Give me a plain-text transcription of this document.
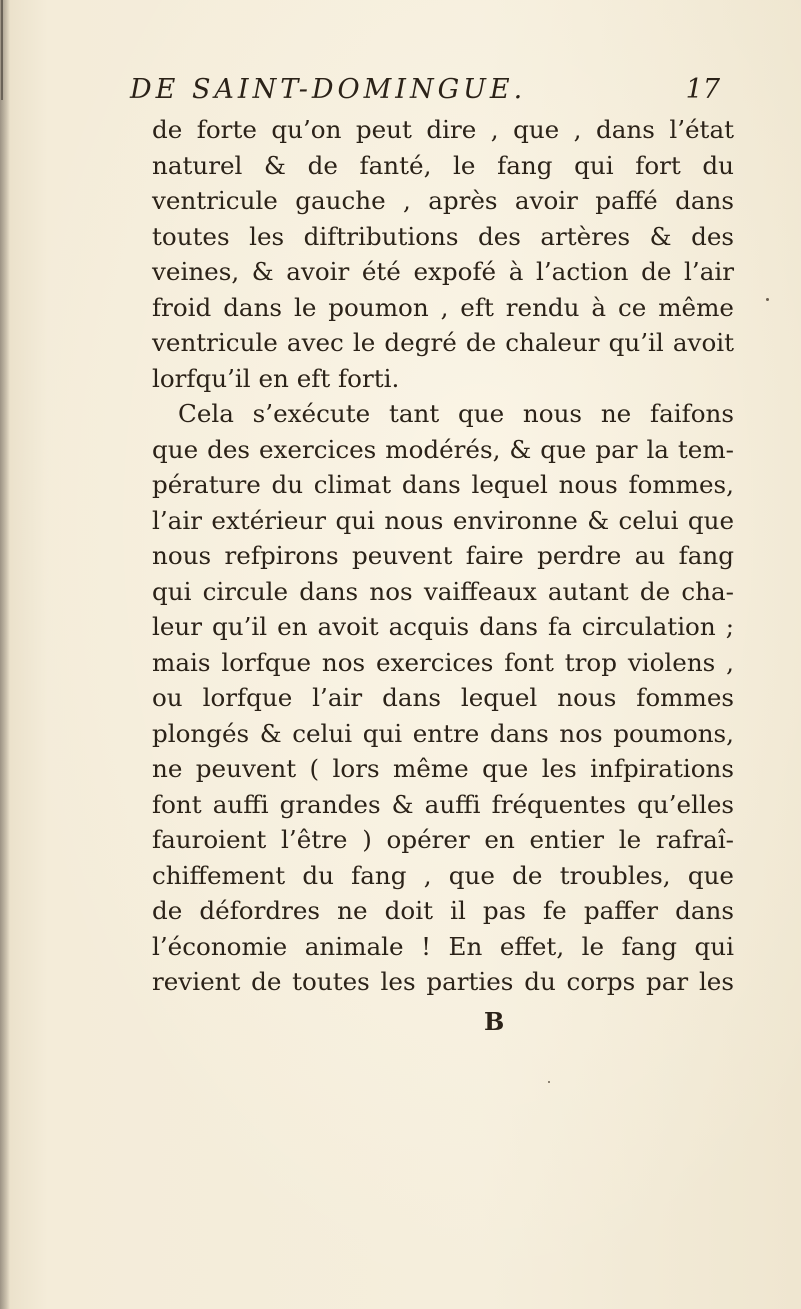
DE SAINT-DOMINGUE.	17
de forte qu’on peut dire , que , dans l’état
naturel & de fanté, le fang qui fort du
ventricule gauche , après avoir paffé dans
toutes les diftributions des artères & des
veines, & avoir été expofé à l’action de l’air
froid dans le poumon , eft rendu à ce même
ventricule avec le degré de chaleur qu’il avoit
lorfqu’il en eft forti.
Cela s’exécute tant que nous ne faifons
que des exercices modérés, & que par la tem-
pérature du climat dans lequel nous fommes,
l’air extérieur qui nous environne & celui que
nous refpirons peuvent faire perdre au fang
qui circule dans nos vaiffeaux autant de cha-
leur qu’il en avoit acquis dans fa circulation ;
mais lorfque nos exercices font trop violens ,
ou lorfque l’air dans lequel nous fommes
plongés & celui qui entre dans nos poumons,
ne peuvent ( lors même que les infpirations
font auffi grandes & auffi fréquentes qu’elles
fauroient l’être ) opérer en entier le rafraî-
chiffement du fang , que de troubles, que
de défordres ne doit il pas fe paffer dans
l’économie animale ! En effet, le fang qui
revient de toutes les parties du corps par les
B
